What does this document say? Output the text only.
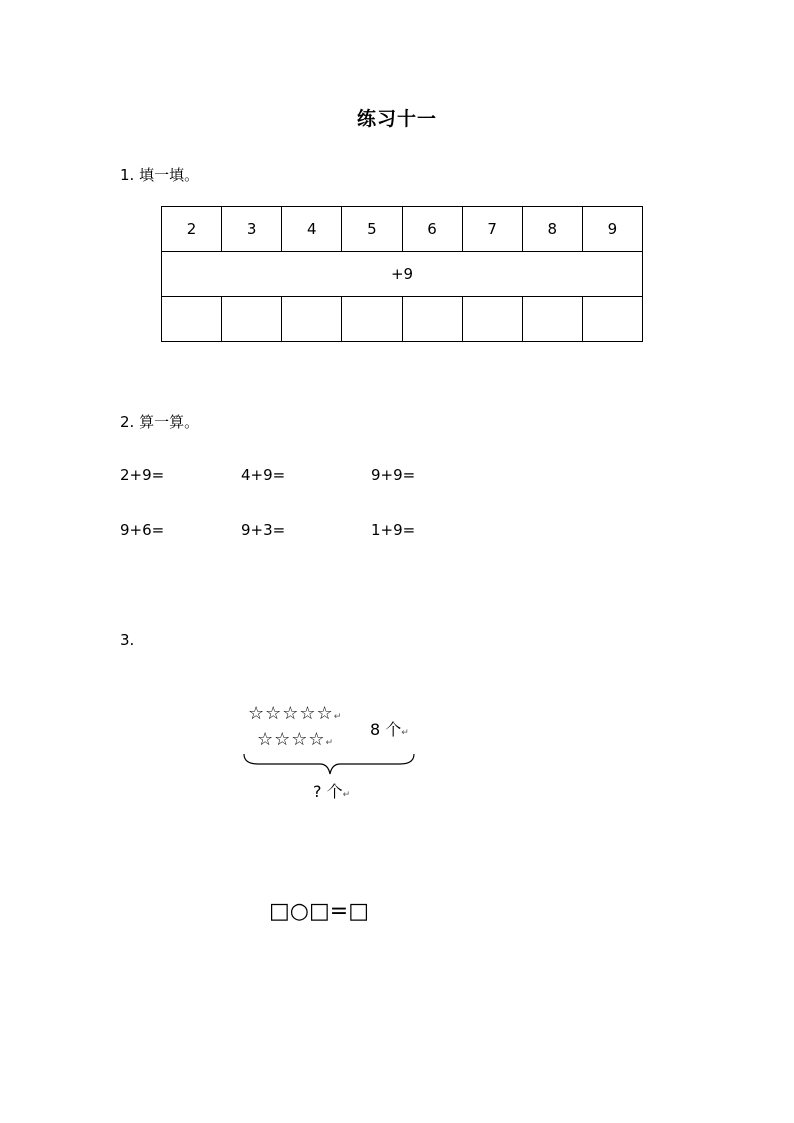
练习十一
1. 填一填。
2	3	4	5	6	7	8	9
+9							

2. 算一算。
2+9=	4+9=	9+9=
9+6=	9+3=	1+9=
3.
☆☆☆☆☆↵
☆☆☆☆↵
8 个↵
? 个↵
□○□=□
